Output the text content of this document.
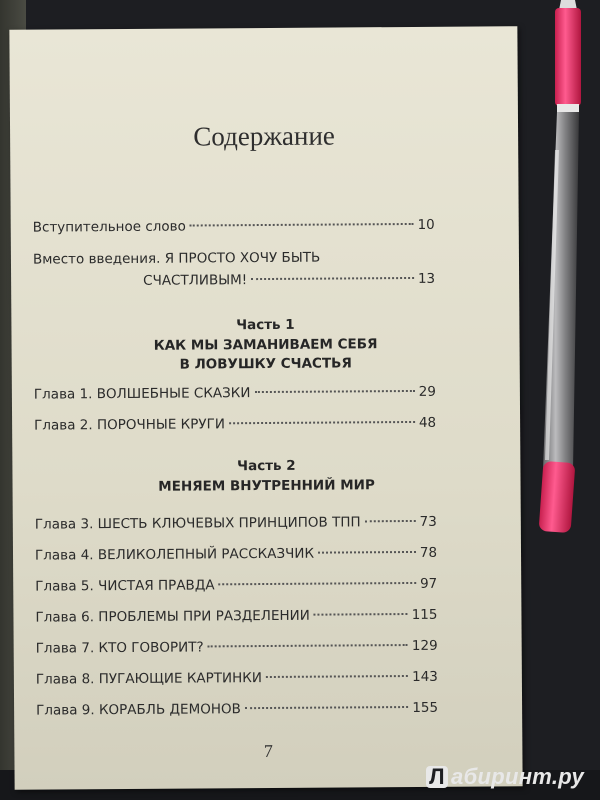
Содержание
Вступительное слово	10
Вместо введения. Я ПРОСТО ХОЧУ БЫТЬ
СЧАСТЛИВЫМ!	13
Часть 1
КАК МЫ ЗАМАНИВАЕМ СЕБЯ
В ЛОВУШКУ СЧАСТЬЯ
Глава 1. ВОЛШЕБНЫЕ СКАЗКИ	29
Глава 2. ПОРОЧНЫЕ КРУГИ	48
Часть 2
МЕНЯЕМ ВНУТРЕННИЙ МИР
Глава 3. ШЕСТЬ КЛЮЧЕВЫХ ПРИНЦИПОВ ТПП	73
Глава 4. ВЕЛИКОЛЕПНЫЙ РАССКАЗЧИК	78
Глава 5. ЧИСТАЯ ПРАВДА	97
Глава 6. ПРОБЛЕМЫ ПРИ РАЗДЕЛЕНИИ	115
Глава 7. КТО ГОВОРИТ?	129
Глава 8. ПУГАЮЩИЕ КАРТИНКИ	143
Глава 9. КОРАБЛЬ ДЕМОНОВ	155
7
Л абиринт.ру
